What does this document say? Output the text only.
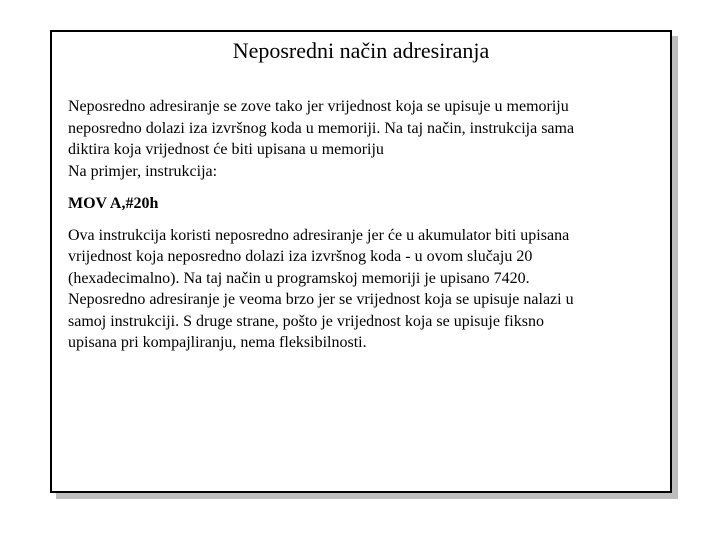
Neposredni način adresiranja

Neposredno adresiranje se zove tako jer vrijednost koja se upisuje u memoriju
neposredno dolazi iza izvršnog koda u memoriji. Na taj način, instrukcija sama
diktira koja vrijednost će biti upisana u memoriju
Na primjer, instrukcija:

MOV A,#20h

Ova instrukcija koristi neposredno adresiranje jer će u akumulator biti upisana
vrijednost koja neposredno dolazi iza izvršnog koda - u ovom slučaju 20
(hexadecimalno). Na taj način u programskoj memoriji je upisano 7420.
Neposredno adresiranje je veoma brzo jer se vrijednost koja se upisuje nalazi u
samoj instrukciji. S druge strane, pošto je vrijednost koja se upisuje fiksno
upisana pri kompajliranju, nema fleksibilnosti.
